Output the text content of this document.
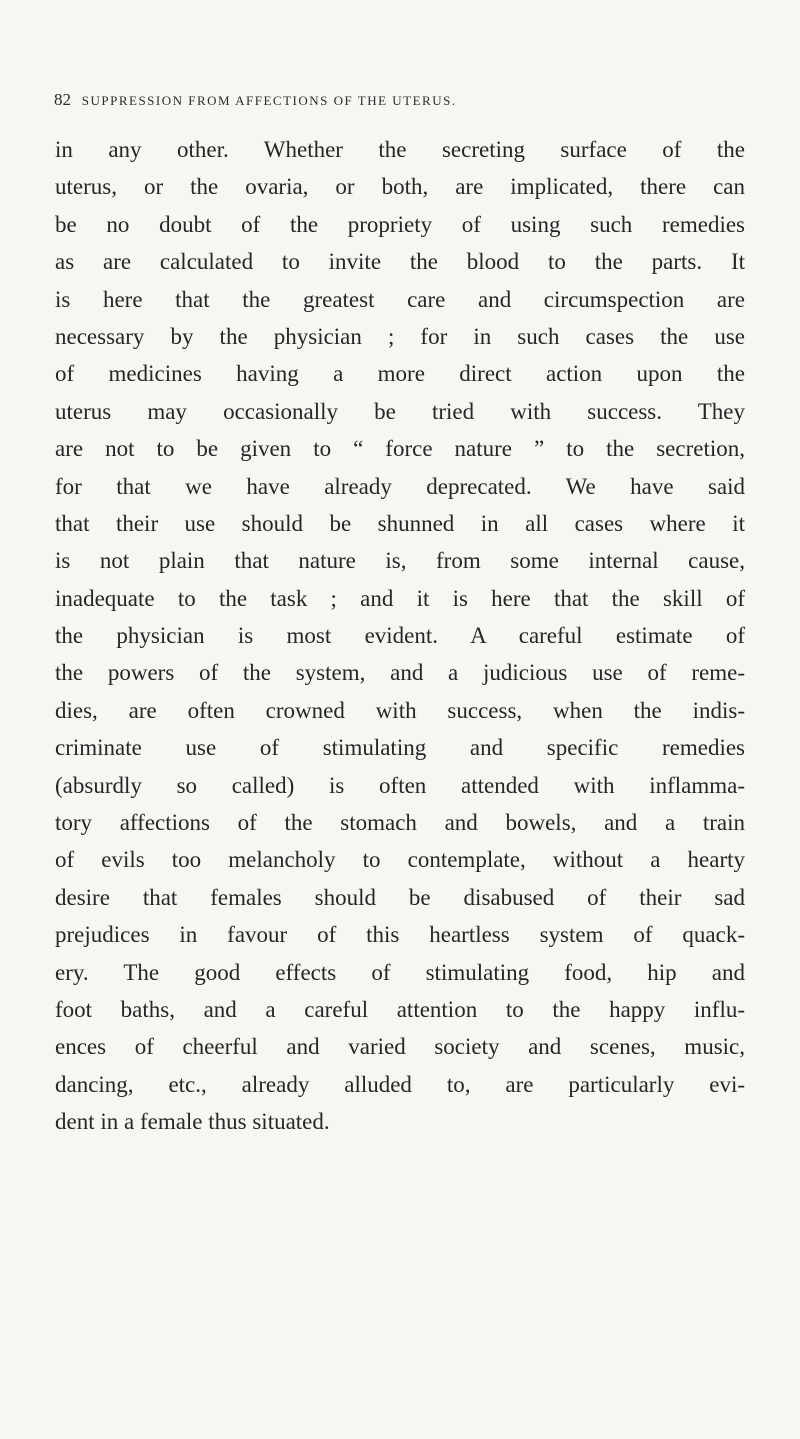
82 SUPPRESSION FROM AFFECTIONS OF THE UTERUS.
in any other. Whether the secreting surface of the
uterus, or the ovaria, or both, are implicated, there can
be no doubt of the propriety of using such remedies
as are calculated to invite the blood to the parts. It
is here that the greatest care and circumspection are
necessary by the physician ; for in such cases the use
of medicines having a more direct action upon the
uterus may occasionally be tried with success. They
are not to be given to “ force nature ” to the secretion,
for that we have already deprecated. We have said
that their use should be shunned in all cases where it
is not plain that nature is, from some internal cause,
inadequate to the task ; and it is here that the skill of
the physician is most evident. A careful estimate of
the powers of the system, and a judicious use of reme-
dies, are often crowned with success, when the indis-
criminate use of stimulating and specific remedies
(absurdly so called) is often attended with inflamma-
tory affections of the stomach and bowels, and a train
of evils too melancholy to contemplate, without a hearty
desire that females should be disabused of their sad
prejudices in favour of this heartless system of quack-
ery. The good effects of stimulating food, hip and
foot baths, and a careful attention to the happy influ-
ences of cheerful and varied society and scenes, music,
dancing, etc., already alluded to, are particularly evi-
dent in a female thus situated.
